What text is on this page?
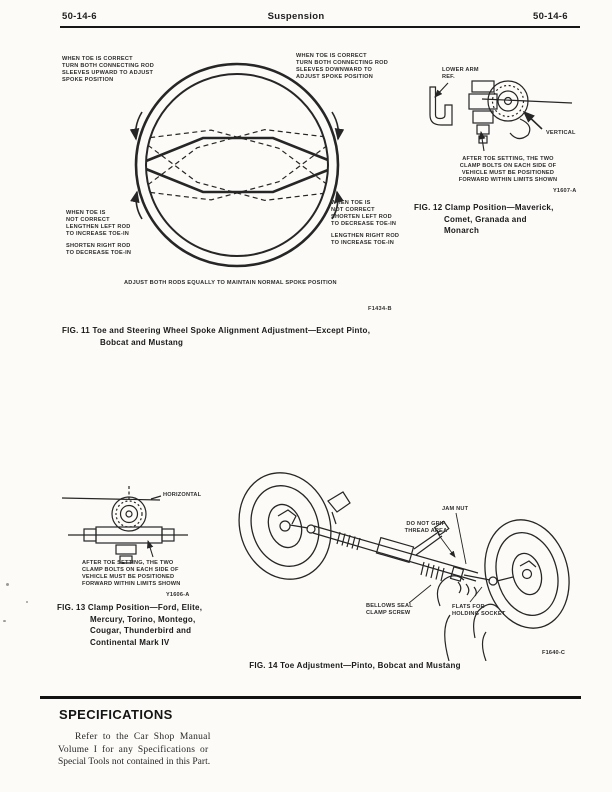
50-14-6	Suspension	50-14-6
WHEN TOE IS CORRECT
TURN BOTH CONNECTING ROD
SLEEVES UPWARD TO ADJUST
SPOKE POSITION
WHEN TOE IS CORRECT
TURN BOTH CONNECTING ROD
SLEEVES DOWNWARD TO
ADJUST SPOKE POSITION
WHEN TOE IS
NOT CORRECT
LENGTHEN LEFT ROD
TO INCREASE TOE-IN
SHORTEN RIGHT ROD
TO DECREASE TOE-IN
WHEN TOE IS
NOT CORRECT
SHORTEN LEFT ROD
TO DECREASE TOE-IN
LENGTHEN RIGHT ROD
TO INCREASE TOE-IN
ADJUST BOTH RODS EQUALLY TO MAINTAIN NORMAL SPOKE POSITION
F1434-B
FIG. 11 Toe and Steering Wheel Spoke Alignment Adjustment—Except Pinto,
Bobcat and Mustang
LOWER ARM
REF.
VERTICAL
AFTER TOE SETTING, THE TWO
CLAMP BOLTS ON EACH SIDE OF
VEHICLE MUST BE POSITIONED
FORWARD WITHIN LIMITS SHOWN
Y1607-A
FIG. 12 Clamp Position—Maverick,
Comet, Granada and
Monarch
HORIZONTAL
AFTER TOE SETTING, THE TWO
CLAMP BOLTS ON EACH SIDE OF
VEHICLE MUST BE POSITIONED
FORWARD WITHIN LIMITS SHOWN
Y1606-A
FIG. 13 Clamp Position—Ford, Elite,
Mercury, Torino, Montego,
Cougar, Thunderbird and
Continental Mark IV
JAM NUT
DO NOT GRIP
THREAD AREA
BELLOWS SEAL
CLAMP SCREW
FLATS FOR
HOLDING SOCKET
F1640-C
FIG. 14 Toe Adjustment—Pinto, Bobcat and Mustang
SPECIFICATIONS
Refer to the Car Shop Manual
Volume I for any Specifications or
Special Tools not contained in this Part.
